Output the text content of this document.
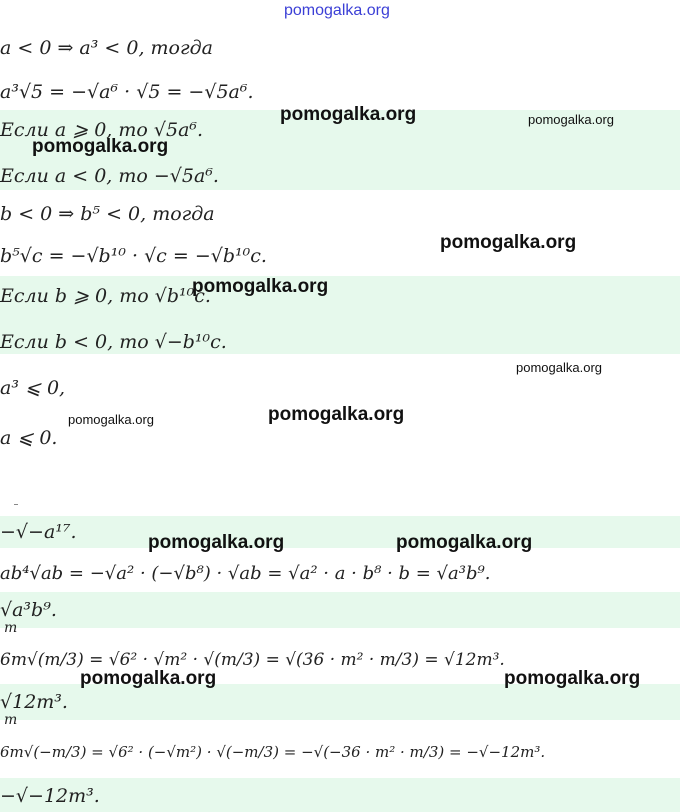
a < 0 ⇒ a³ < 0, тогда
a³√5 = −√a⁶ · √5 = −√5a⁶.
Если a ⩾ 0, то √5a⁶.
Если a < 0, то −√5a⁶.
b < 0 ⇒ b⁵ < 0, тогда
b⁵√c = −√b¹⁰ · √c = −√b¹⁰c.
Если b ⩾ 0, то √b¹⁰c.
Если b < 0, то √−b¹⁰c.
a³ ⩽ 0,
a ⩽ 0.
−√−a¹⁷.
ab⁴√ab = −√a² · (−√b⁸) · √ab = √a² · a · b⁸ · b = √a³b⁹.
√a³b⁹.
m
6m√(m/3) = √6² · √m² · √(m/3) = √(36 · m² · m/3) = √12m³.
√12m³.
m
6m√(−m/3) = √6² · (−√m²) · √(−m/3) = −√(−36 · m² · m/3) = −√−12m³.
−√−12m³.
pomogalka.org
pomogalka.org	pomogalka.org
pomogalka.org
pomogalka.org
pomogalka.org
pomogalka.org
pomogalka.org
pomogalka.org
pomogalka.org	pomogalka.org
pomogalka.org	pomogalka.org
